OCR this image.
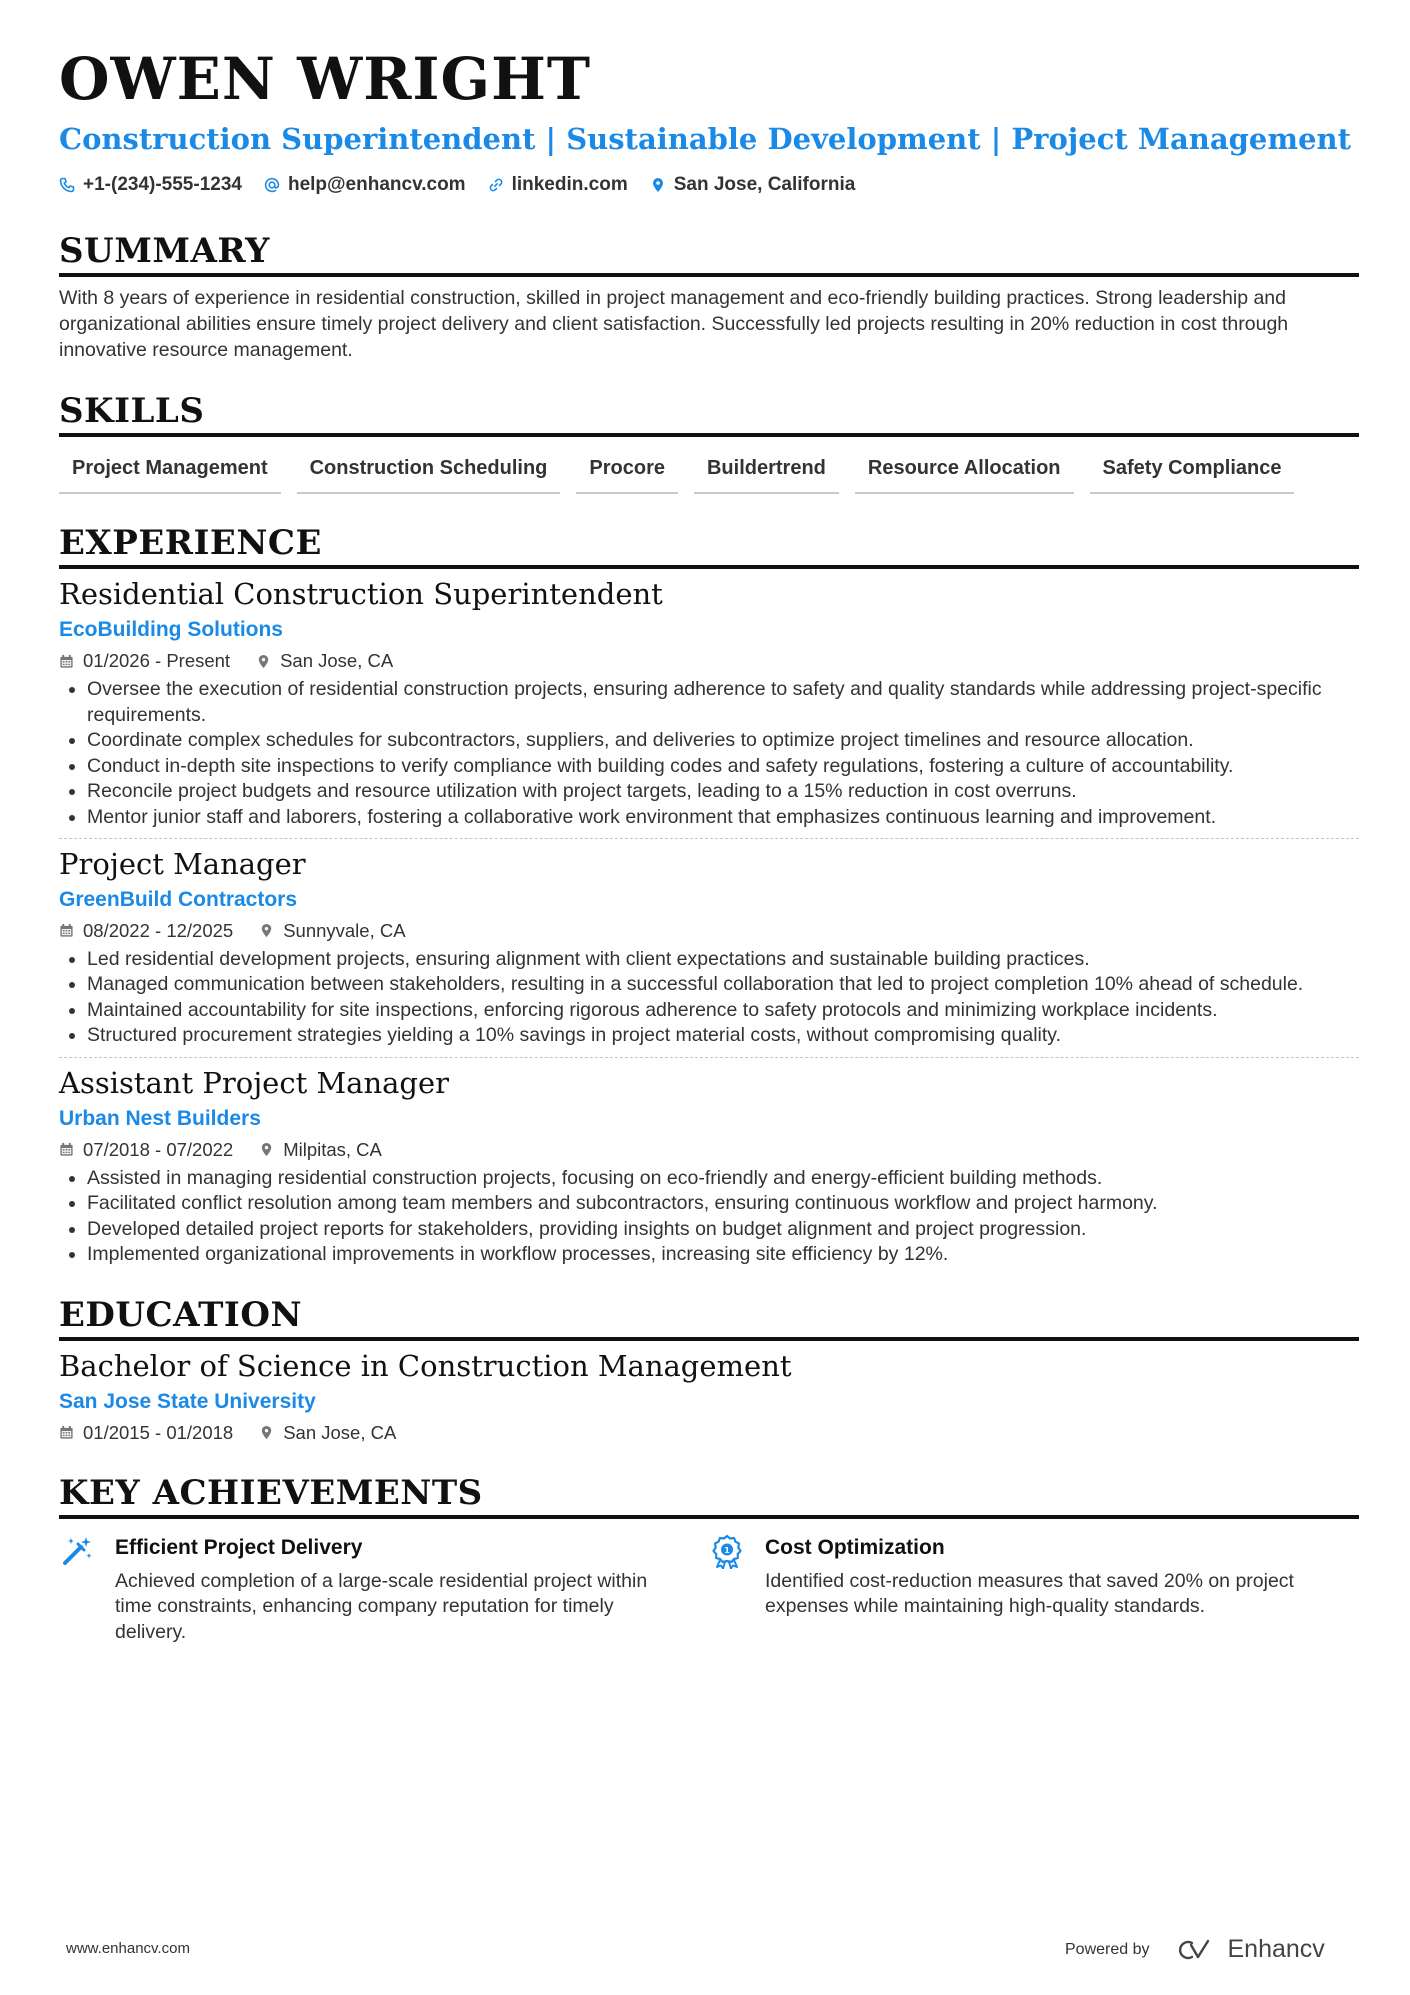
OWEN WRIGHT
Construction Superintendent | Sustainable Development | Project Management
+1-(234)-555-1234 help@enhancv.com linkedin.com San Jose, California
SUMMARY
With 8 years of experience in residential construction, skilled in project management and eco-friendly building practices. Strong leadership and organizational abilities ensure timely project delivery and client satisfaction. Successfully led projects resulting in 20% reduction in cost through innovative resource management.
SKILLS
Project Management	Construction Scheduling	Procore	Buildertrend	Resource Allocation	Safety Compliance
EXPERIENCE
Residential Construction Superintendent
EcoBuilding Solutions
01/2026 - Present	San Jose, CA
• Oversee the execution of residential construction projects, ensuring adherence to safety and quality standards while addressing project-specific requirements.
• Coordinate complex schedules for subcontractors, suppliers, and deliveries to optimize project timelines and resource allocation.
• Conduct in-depth site inspections to verify compliance with building codes and safety regulations, fostering a culture of accountability.
• Reconcile project budgets and resource utilization with project targets, leading to a 15% reduction in cost overruns.
• Mentor junior staff and laborers, fostering a collaborative work environment that emphasizes continuous learning and improvement.
Project Manager
GreenBuild Contractors
08/2022 - 12/2025	Sunnyvale, CA
• Led residential development projects, ensuring alignment with client expectations and sustainable building practices.
• Managed communication between stakeholders, resulting in a successful collaboration that led to project completion 10% ahead of schedule.
• Maintained accountability for site inspections, enforcing rigorous adherence to safety protocols and minimizing workplace incidents.
• Structured procurement strategies yielding a 10% savings in project material costs, without compromising quality.
Assistant Project Manager
Urban Nest Builders
07/2018 - 07/2022	Milpitas, CA
• Assisted in managing residential construction projects, focusing on eco-friendly and energy-efficient building methods.
• Facilitated conflict resolution among team members and subcontractors, ensuring continuous workflow and project harmony.
• Developed detailed project reports for stakeholders, providing insights on budget alignment and project progression.
• Implemented organizational improvements in workflow processes, increasing site efficiency by 12%.
EDUCATION
Bachelor of Science in Construction Management
San Jose State University
01/2015 - 01/2018	San Jose, CA
KEY ACHIEVEMENTS
Efficient Project Delivery
Achieved completion of a large-scale residential project within time constraints, enhancing company reputation for timely delivery.
1 Cost Optimization
Identified cost-reduction measures that saved 20% on project expenses while maintaining high-quality standards.
www.enhancv.com	Powered by	Enhancv
